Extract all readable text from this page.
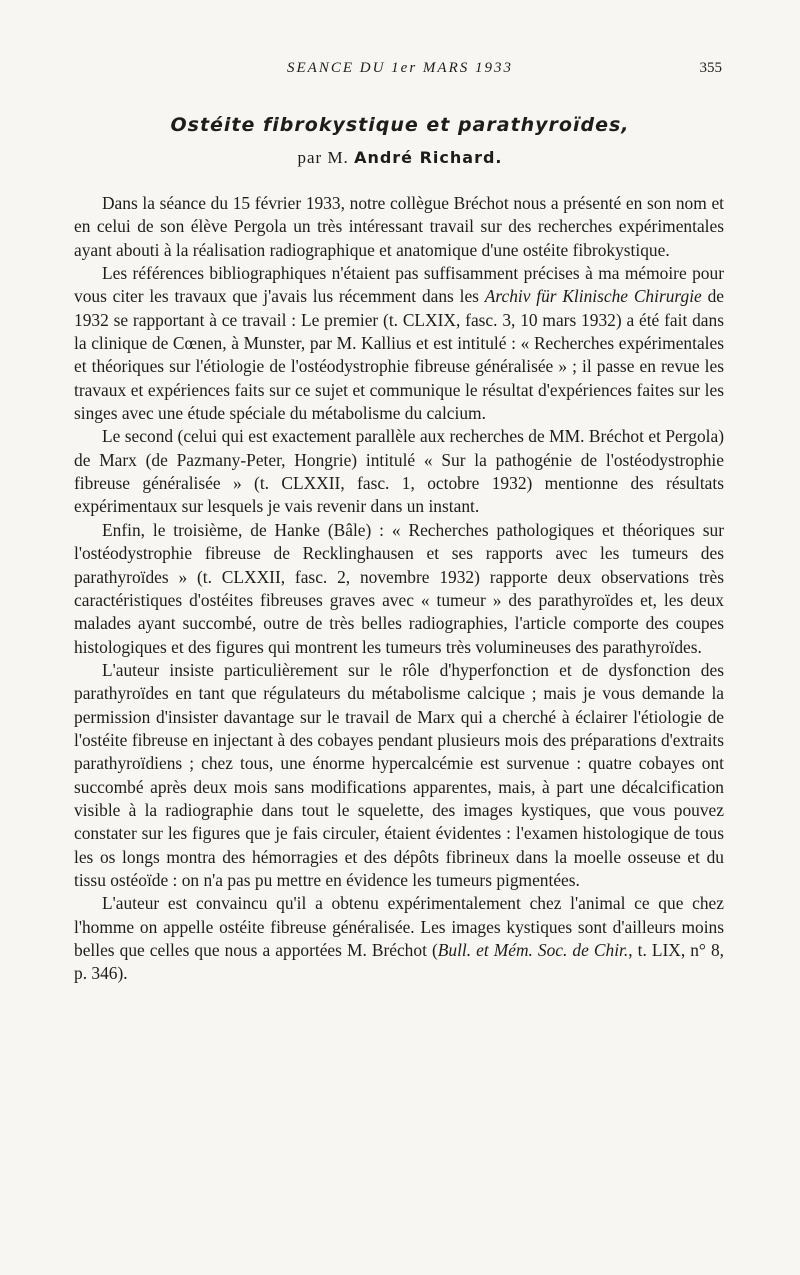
SEANCE DU 1er MARS 1933	355
Ostéite fibrokystique et parathyroïdes,
par M. André Richard.

Dans la séance du 15 février 1933, notre collègue Bréchot nous a présenté en son nom et en celui de son élève Pergola un très intéressant travail sur des recherches expérimentales ayant abouti à la réalisation radiographique et anatomique d'une ostéite fibrokystique.

Les références bibliographiques n'étaient pas suffisamment précises à ma mémoire pour vous citer les travaux que j'avais lus récemment dans les Archiv für Klinische Chirurgie de 1932 se rapportant à ce travail : Le premier (t. CLXIX, fasc. 3, 10 mars 1932) a été fait dans la clinique de Cœnen, à Munster, par M. Kallius et est intitulé : « Recherches expérimentales et théoriques sur l'étiologie de l'ostéodystrophie fibreuse généralisée » ; il passe en revue les travaux et expériences faits sur ce sujet et communique le résultat d'expériences faites sur les singes avec une étude spéciale du métabolisme du calcium.

Le second (celui qui est exactement parallèle aux recherches de MM. Bréchot et Pergola) de Marx (de Pazmany-Peter, Hongrie) intitulé « Sur la pathogénie de l'ostéodystrophie fibreuse généralisée » (t. CLXXII, fasc. 1, octobre 1932) mentionne des résultats expérimentaux sur lesquels je vais revenir dans un instant.

Enfin, le troisième, de Hanke (Bâle) : « Recherches pathologiques et théoriques sur l'ostéodystrophie fibreuse de Recklinghausen et ses rapports avec les tumeurs des parathyroïdes » (t. CLXXII, fasc. 2, novembre 1932) rapporte deux observations très caractéristiques d'ostéites fibreuses graves avec « tumeur » des parathyroïdes et, les deux malades ayant succombé, outre de très belles radiographies, l'article comporte des coupes histologiques et des figures qui montrent les tumeurs très volumineuses des parathyroïdes.

L'auteur insiste particulièrement sur le rôle d'hyperfonction et de dysfonction des parathyroïdes en tant que régulateurs du métabolisme calcique ; mais je vous demande la permission d'insister davantage sur le travail de Marx qui a cherché à éclairer l'étiologie de l'ostéite fibreuse en injectant à des cobayes pendant plusieurs mois des préparations d'extraits parathyroïdiens ; chez tous, une énorme hypercalcémie est survenue : quatre cobayes ont succombé après deux mois sans modifications apparentes, mais, à part une décalcification visible à la radiographie dans tout le squelette, des images kystiques, que vous pouvez constater sur les figures que je fais circuler, étaient évidentes : l'examen histologique de tous les os longs montra des hémorragies et des dépôts fibrineux dans la moelle osseuse et du tissu ostéoïde : on n'a pas pu mettre en évidence les tumeurs pigmentées.

L'auteur est convaincu qu'il a obtenu expérimentalement chez l'animal ce que chez l'homme on appelle ostéite fibreuse généralisée. Les images kystiques sont d'ailleurs moins belles que celles que nous a apportées M. Bréchot (Bull. et Mém. Soc. de Chir., t. LIX, n° 8, p. 346).
